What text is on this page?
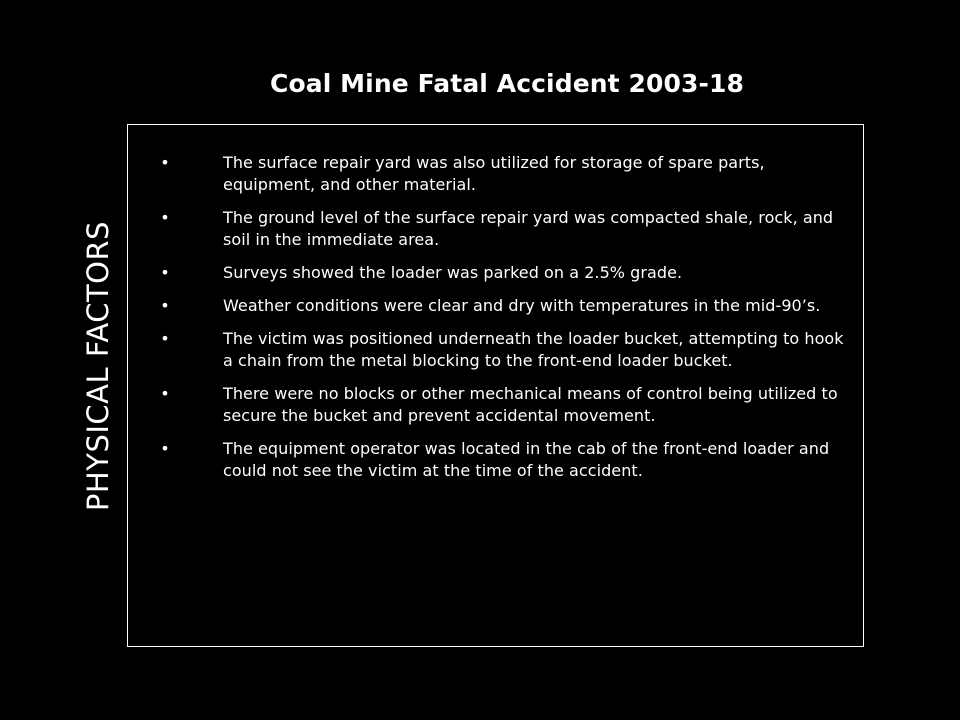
Coal Mine Fatal Accident 2003-18
PHYSICAL FACTORS
•	The surface repair yard was also utilized for storage of spare parts, equipment, and other material.
•	The ground level of the surface repair yard was compacted shale, rock, and soil in the immediate area.
•	Surveys showed the loader was parked on a 2.5% grade.
•	Weather conditions were clear and dry with temperatures in the mid-90’s.
•	The victim was positioned underneath the loader bucket, attempting to hook a chain from the metal blocking to the front-end loader bucket.
•	There were no blocks or other mechanical means of control being utilized to secure the bucket and prevent accidental movement.
•	The equipment operator was located in the cab of the front-end loader and could not see the victim at the time of the accident.
